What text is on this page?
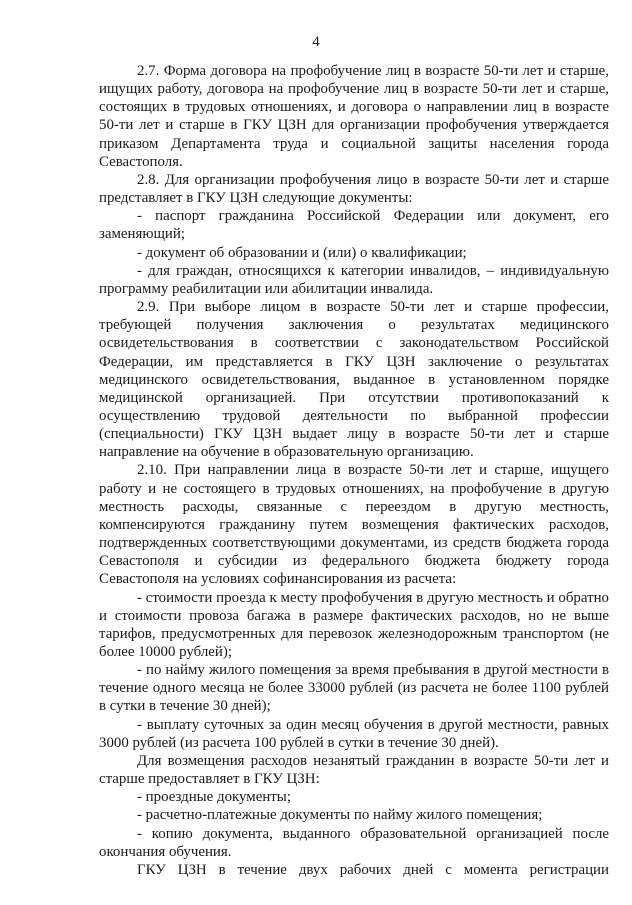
4

2.7. Форма договора на профобучение лиц в возрасте 50-ти лет и старше, ищущих работу, договора на профобучение лиц в возрасте 50-ти лет и старше, состоящих в трудовых отношениях, и договора о направлении лиц в возрасте 50-ти лет и старше в ГКУ ЦЗН для организации профобучения утверждается приказом Департамента труда и социальной защиты населения города Севастополя.

2.8. Для организации профобучения лицо в возрасте 50-ти лет и старше представляет в ГКУ ЦЗН следующие документы:

- паспорт гражданина Российской Федерации или документ, его заменяющий;

- документ об образовании и (или) о квалификации;

- для граждан, относящихся к категории инвалидов, – индивидуальную программу реабилитации или абилитации инвалида.

2.9. При выборе лицом в возрасте 50-ти лет и старше профессии, требующей получения заключения о результатах медицинского освидетельствования в соответствии с законодательством Российской Федерации, им представляется в ГКУ ЦЗН заключение о результатах медицинского освидетельствования, выданное в установленном порядке медицинской организацией. При отсутствии противопоказаний к осуществлению трудовой деятельности по выбранной профессии (специальности) ГКУ ЦЗН выдает лицу в возрасте 50-ти лет и старше направление на обучение в образовательную организацию.

2.10. При направлении лица в возрасте 50-ти лет и старше, ищущего работу и не состоящего в трудовых отношениях, на профобучение в другую местность расходы, связанные с переездом в другую местность, компенсируются гражданину путем возмещения фактических расходов, подтвержденных соответствующими документами, из средств бюджета города Севастополя и субсидии из федерального бюджета бюджету города Севастополя на условиях софинансирования из расчета:

- стоимости проезда к месту профобучения в другую местность и обратно и стоимости провоза багажа в размере фактических расходов, но не выше тарифов, предусмотренных для перевозок железнодорожным транспортом (не более 10000 рублей);

- по найму жилого помещения за время пребывания в другой местности в течение одного месяца не более 33000 рублей (из расчета не более 1100 рублей в сутки в течение 30 дней);

- выплату суточных за один месяц обучения в другой местности, равных 3000 рублей (из расчета 100 рублей в сутки в течение 30 дней).

Для возмещения расходов незанятый гражданин в возрасте 50-ти лет и старше предоставляет в ГКУ ЦЗН:

- проездные документы;

- расчетно-платежные документы по найму жилого помещения;

- копию документа, выданного образовательной организацией после окончания обучения.

ГКУ ЦЗН в течение двух рабочих дней с момента регистрации
